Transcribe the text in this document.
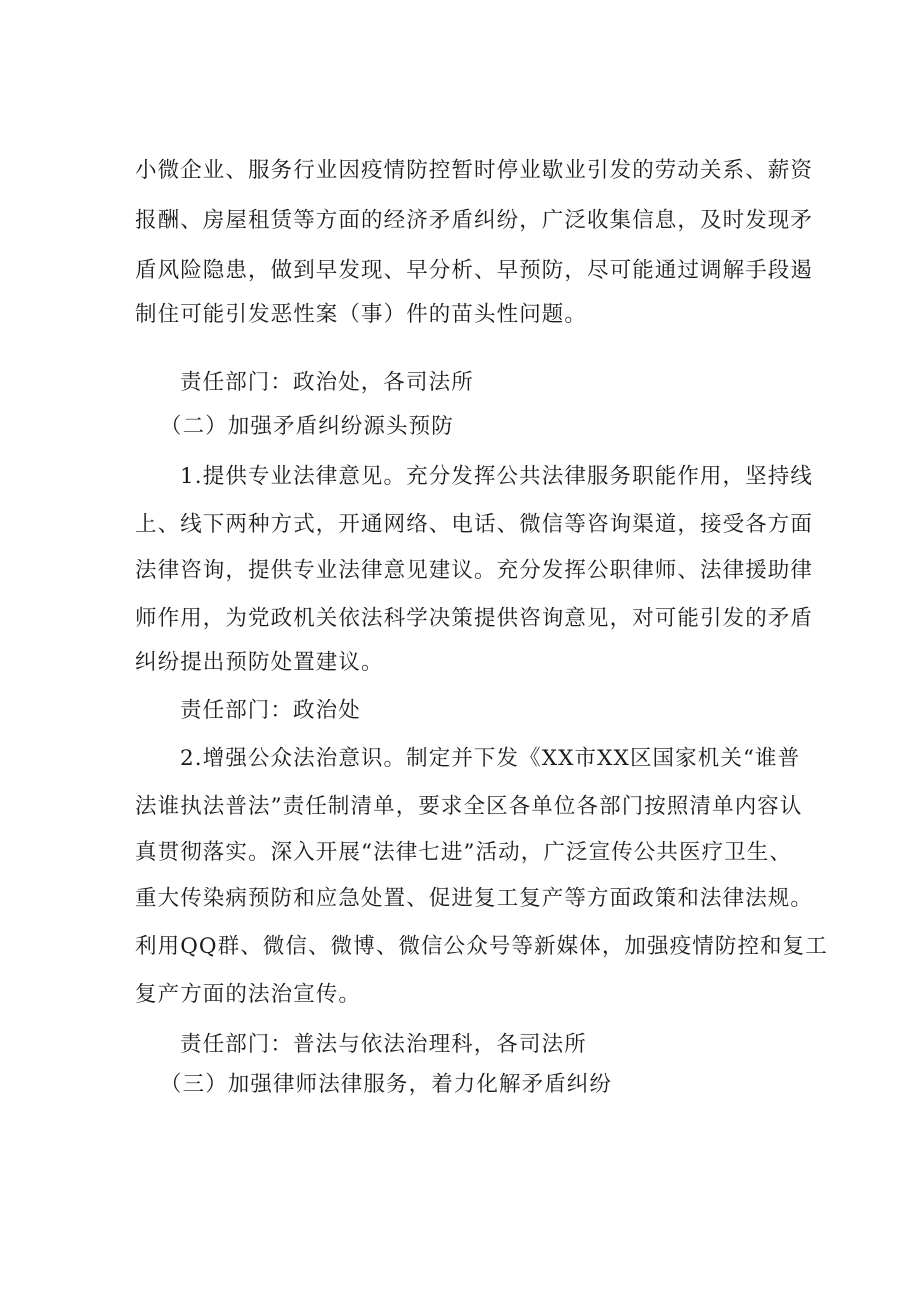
小微企业、服务行业因疫情防控暂时停业歇业引发的劳动关系、薪资
报酬、房屋租赁等方面的经济矛盾纠纷，广泛收集信息，及时发现矛
盾风险隐患，做到早发现、早分析、早预防，尽可能通过调解手段遏
制住可能引发恶性案（事）件的苗头性问题。
责任部门：政治处，各司法所
（二）加强矛盾纠纷源头预防
1.提供专业法律意见。充分发挥公共法律服务职能作用，坚持线
上、线下两种方式，开通网络、电话、微信等咨询渠道，接受各方面
法律咨询，提供专业法律意见建议。充分发挥公职律师、法律援助律
师作用，为党政机关依法科学决策提供咨询意见，对可能引发的矛盾
纠纷提出预防处置建议。
责任部门：政治处
2.增强公众法治意识。制定并下发《XX市XX区国家机关“谁普
法谁执法普法”责任制清单，要求全区各单位各部门按照清单内容认
真贯彻落实。深入开展“法律七进”活动，广泛宣传公共医疗卫生、
重大传染病预防和应急处置、促进复工复产等方面政策和法律法规。
利用QQ群、微信、微博、微信公众号等新媒体，加强疫情防控和复工
复产方面的法治宣传。
责任部门：普法与依法治理科，各司法所
（三）加强律师法律服务，着力化解矛盾纠纷
